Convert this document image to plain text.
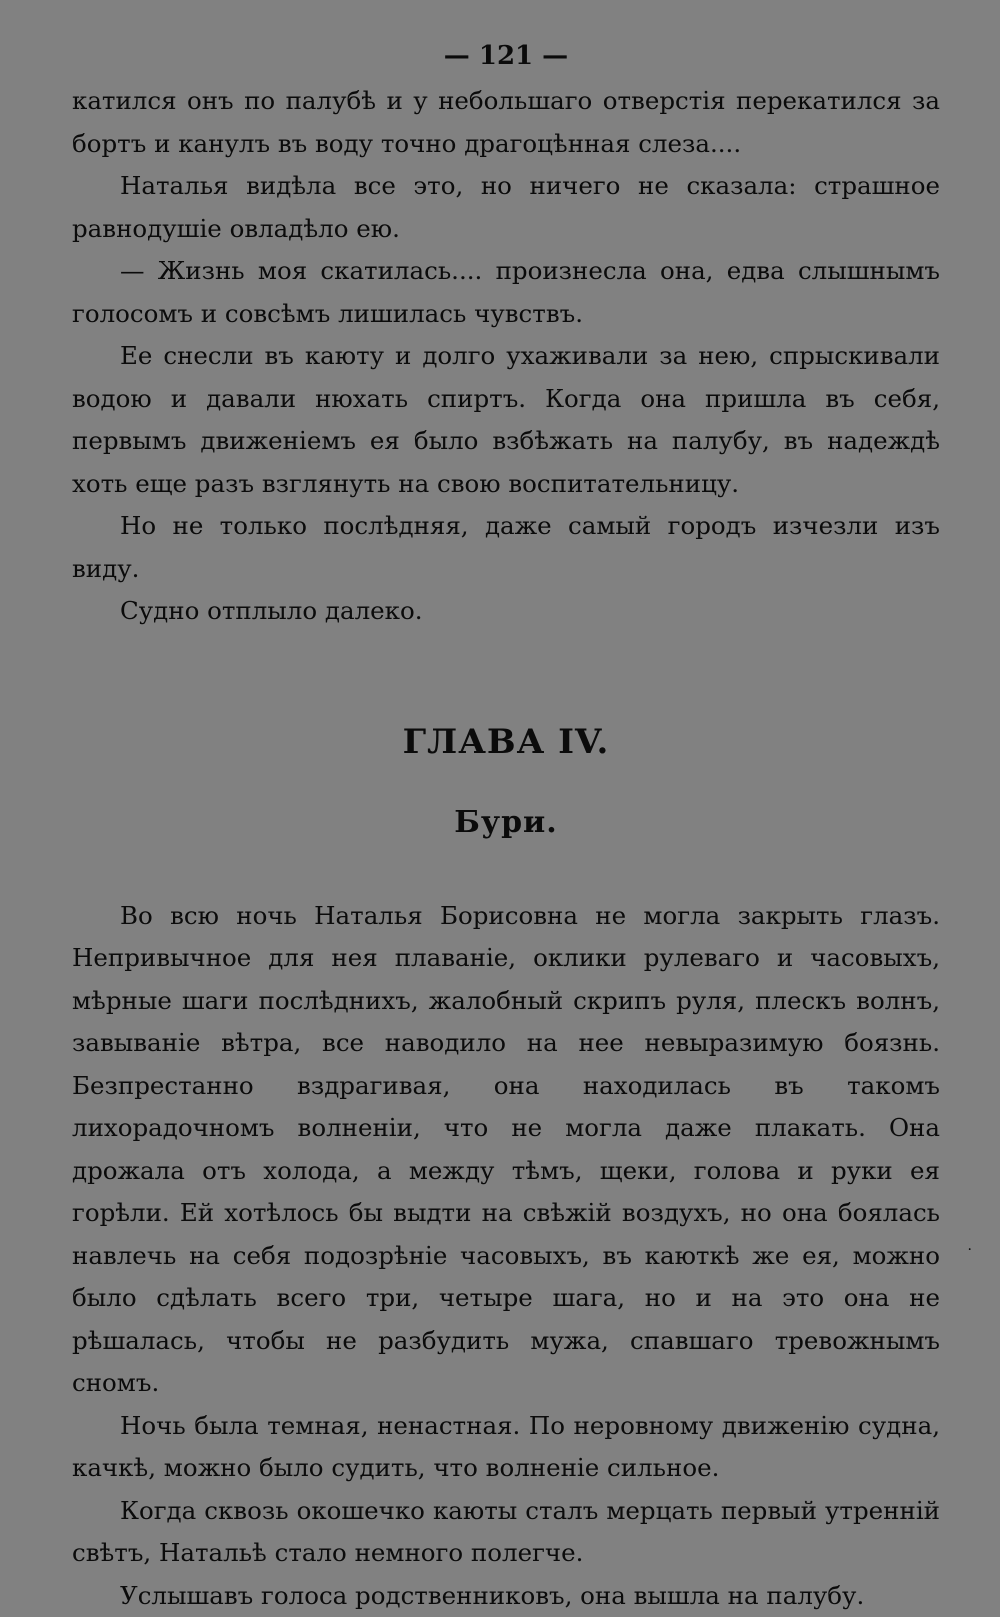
— 121 —

катился онъ по палубѣ и у небольшаго отверстія перекатился за бортъ и канулъ въ воду точно драгоцѣнная слеза....

Наталья видѣла все это, но ничего не сказала: страшное равнодушіе овладѣло ею.

— Жизнь моя скатилась.... произнесла она, едва слышнымъ голосомъ и совсѣмъ лишилась чувствъ.

Ее снесли въ каюту и долго ухаживали за нею, спрыскивали водою и давали нюхать спиртъ. Когда она пришла въ себя, первымъ движеніемъ ея было взбѣжать на палубу, въ надеждѣ хоть еще разъ взглянуть на свою воспитательницу.

Но не только послѣдняя, даже самый городъ изчезли изъ виду.

Судно отплыло далеко.

ГЛАВА IV.
Бури.

Во всю ночь Наталья Борисовна не могла закрыть глазъ. Непривычное для нея плаваніе, оклики рулеваго и часовыхъ, мѣрные шаги послѣднихъ, жалобный скрипъ руля, плескъ волнъ, завываніе вѣтра, все наводило на нее невыразимую боязнь. Безпрестанно вздрагивая, она находилась въ такомъ лихорадочномъ волненіи, что не могла даже плакать. Она дрожала отъ холода, а между тѣмъ, щеки, голова и руки ея горѣли. Ей хотѣлось бы выдти на свѣжій воздухъ, но она боялась навлечь на себя подозрѣніе часовыхъ, въ каюткѣ же ея, можно было сдѣлать всего три, четыре шага, но и на это она не рѣшалась, чтобы не разбудить мужа, спавшаго тревожнымъ сномъ.

Ночь была темная, ненастная. По неровному движенію судна, качкѣ, можно было судить, что волненіе сильное.

Когда сквозь окошечко каюты сталъ мерцать первый утренній свѣтъ, Натальѣ стало немного полегче.

Услышавъ голоса родственниковъ, она вышла на палубу.

·
